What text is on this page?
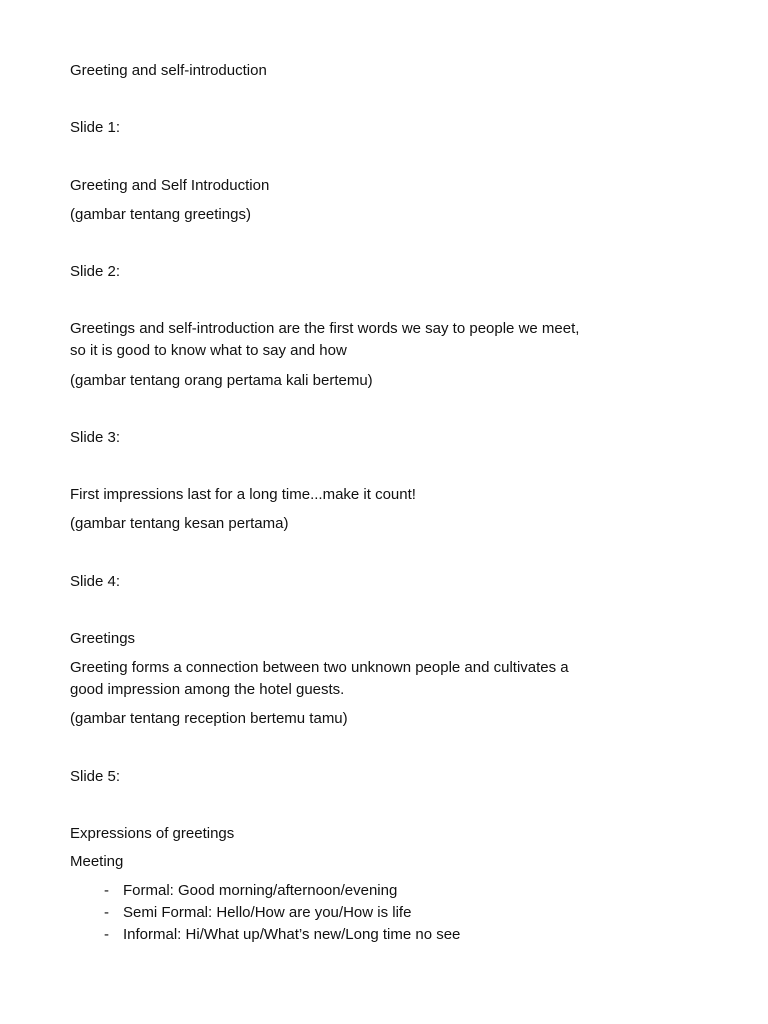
Greeting and self-introduction
Slide 1:
Greeting and Self Introduction
(gambar tentang greetings)
Slide 2:
Greetings and self-introduction are the first words we say to people we meet,
so it is good to know what to say and how
(gambar tentang orang pertama kali bertemu)
Slide 3:
First impressions last for a long time...make it count!
(gambar tentang kesan pertama)
Slide 4:
Greetings
Greeting forms a connection between two unknown people and cultivates a
good impression among the hotel guests.
(gambar tentang reception bertemu tamu)
Slide 5:
Expressions of greetings
Meeting
- Formal: Good morning/afternoon/evening
- Semi Formal: Hello/How are you/How is life
- Informal: Hi/What up/What’s new/Long time no see
